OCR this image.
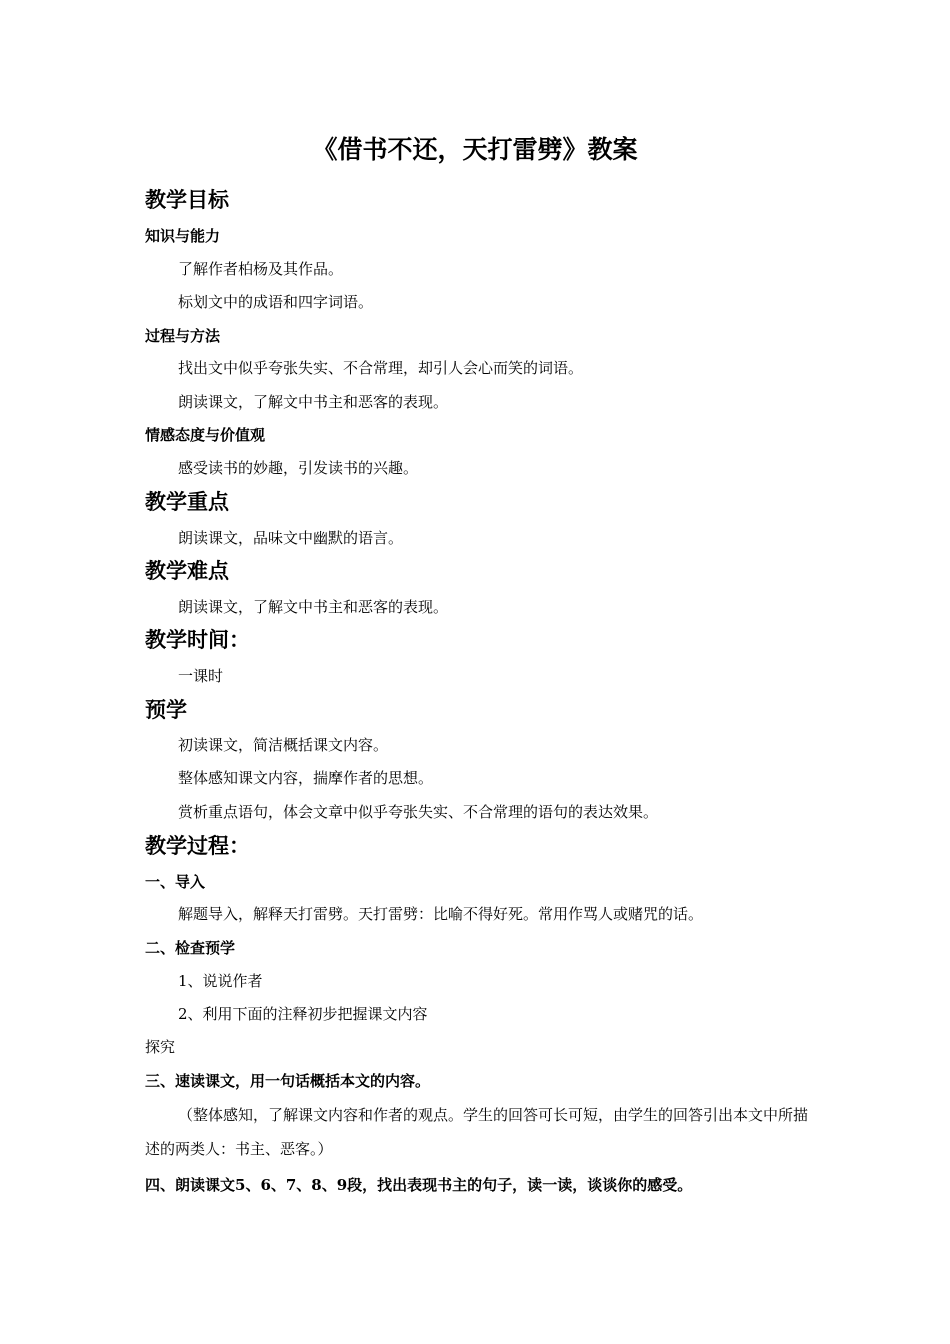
《借书不还，天打雷劈》教案
教学目标
知识与能力
了解作者柏杨及其作品。
标划文中的成语和四字词语。
过程与方法
找出文中似乎夸张失实、不合常理，却引人会心而笑的词语。
朗读课文，了解文中书主和恶客的表现。
情感态度与价值观
感受读书的妙趣，引发读书的兴趣。
教学重点
朗读课文，品味文中幽默的语言。
教学难点
朗读课文，了解文中书主和恶客的表现。
教学时间：
一课时
预学
初读课文，简洁概括课文内容。
整体感知课文内容，揣摩作者的思想。
赏析重点语句，体会文章中似乎夸张失实、不合常理的语句的表达效果。
教学过程：
一、导入
解题导入，解释天打雷劈。天打雷劈：比喻不得好死。常用作骂人或赌咒的话。
二、检查预学
1、说说作者
2、利用下面的注释初步把握课文内容
探究
三、速读课文，用一句话概括本文的内容。
（整体感知，了解课文内容和作者的观点。学生的回答可长可短，由学生的回答引出本文中所描述的两类人：书主、恶客。）
四、朗读课文5、6、7、8、9段，找出表现书主的句子，读一读，谈谈你的感受。
